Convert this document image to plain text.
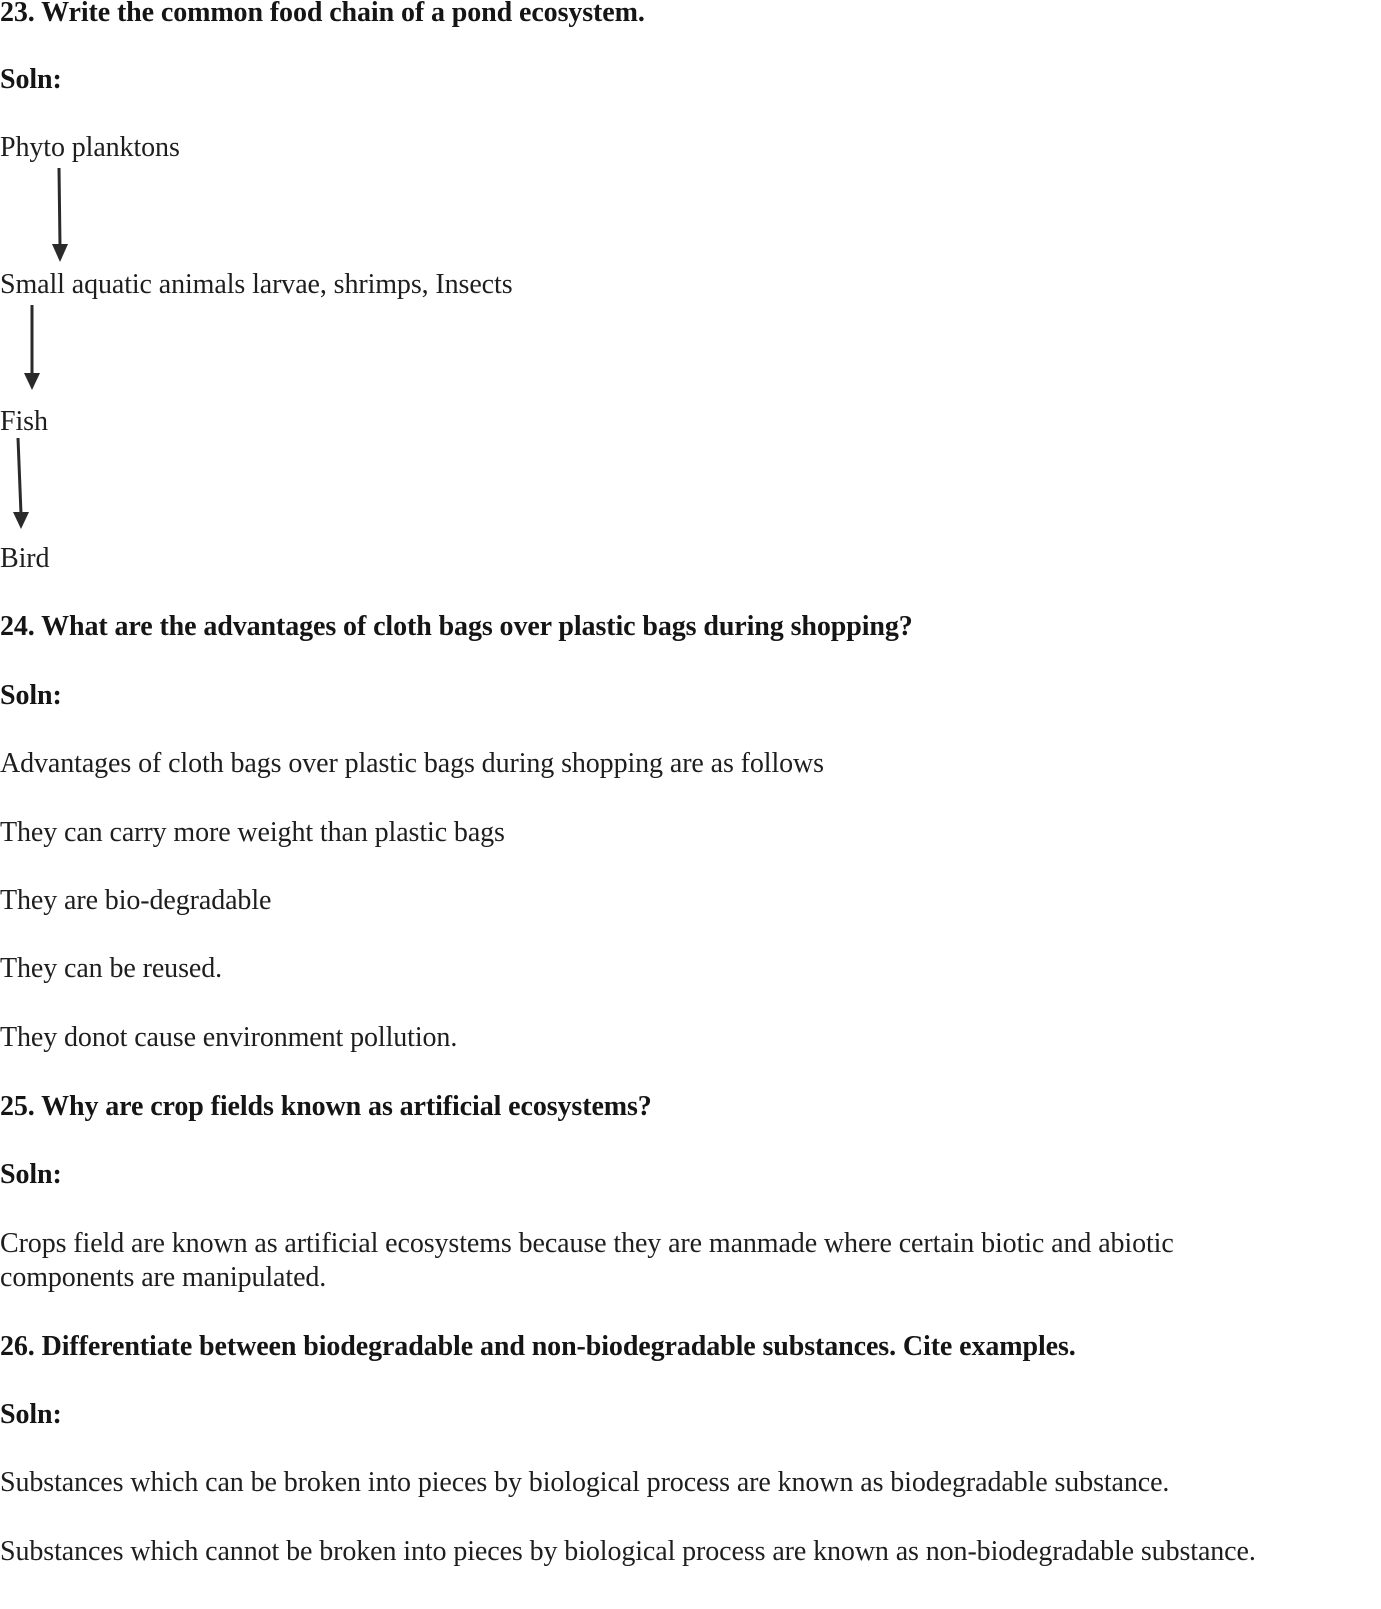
23. Write the common food chain of a pond ecosystem.
Soln:
Phyto planktons
Small aquatic animals larvae, shrimps, Insects
Fish
Bird
24. What are the advantages of cloth bags over plastic bags during shopping?
Soln:
Advantages of cloth bags over plastic bags during shopping are as follows
They can carry more weight than plastic bags
They are bio-degradable
They can be reused.
They donot cause environment pollution.
25. Why are crop fields known as artificial ecosystems?
Soln:
Crops field are known as artificial ecosystems because they are manmade where certain biotic and abiotic
components are manipulated.
26. Differentiate between biodegradable and non-biodegradable substances. Cite examples.
Soln:
Substances which can be broken into pieces by biological process are known as biodegradable substance.
Substances which cannot be broken into pieces by biological process are known as non-biodegradable substance.
